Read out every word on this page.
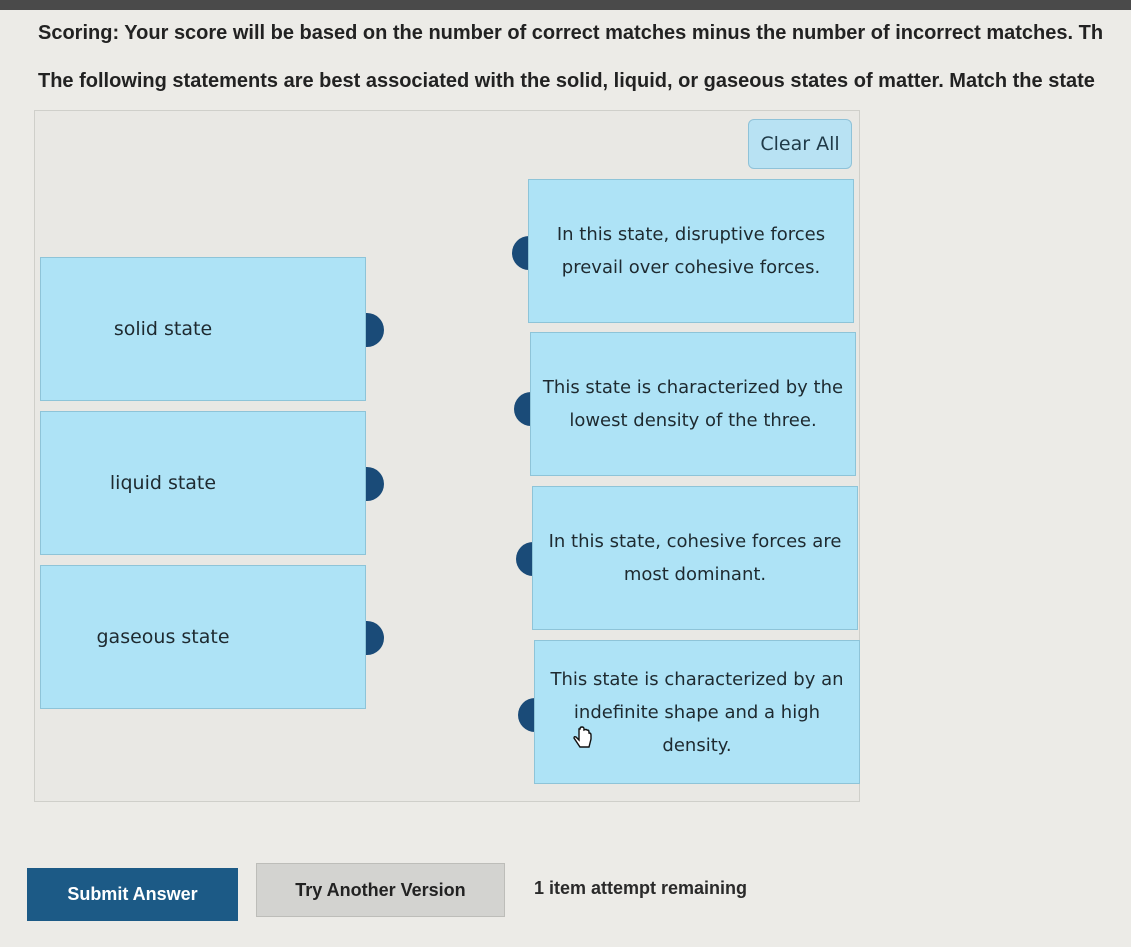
Scoring: Your score will be based on the number of correct matches minus the number of incorrect matches. Th

The following statements are best associated with the solid, liquid, or gaseous states of matter. Match the state

Clear All
solid state
liquid state
gaseous state
In this state, disruptive forces prevail over cohesive forces.
This state is characterized by the lowest density of the three.
In this state, cohesive forces are most dominant.
This state is characterized by an indefinite shape and a high density.
Submit Answer	Try Another Version	1 item attempt remaining
